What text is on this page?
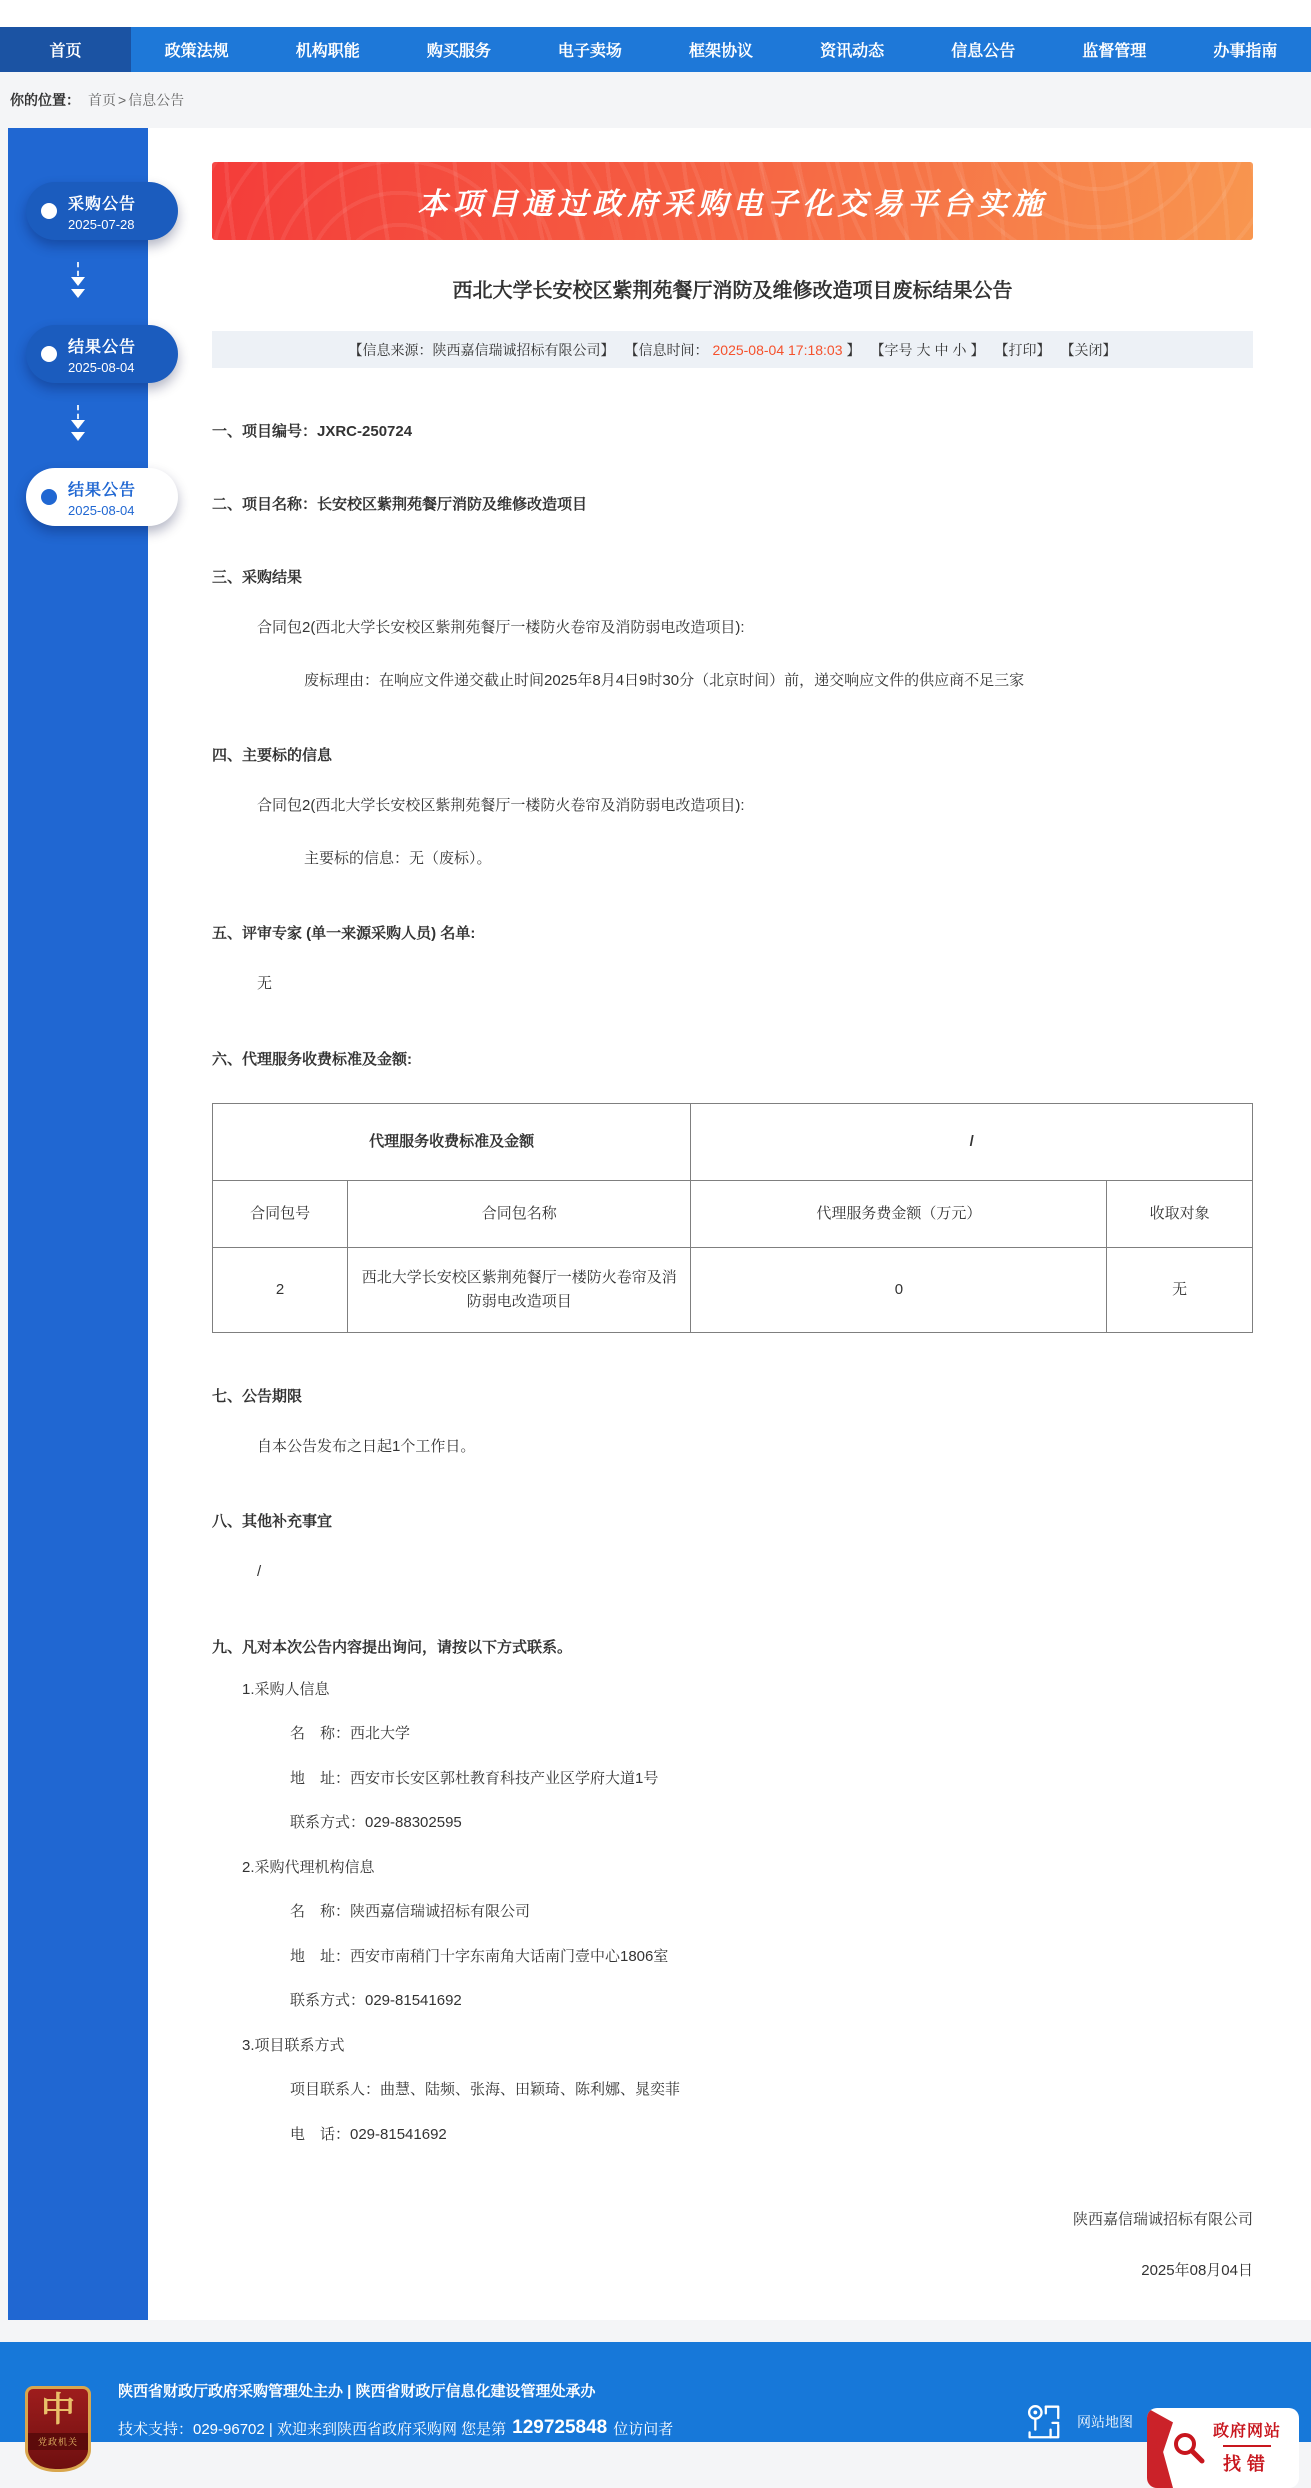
首页	政策法规	机构职能	购买服务	电子卖场	框架协议	资讯动态	信息公告	监督管理	办事指南
你的位置： 首页 > 信息公告
采购公告
2025-07-28
结果公告
2025-08-04
结果公告
2025-08-04
本项目通过政府采购电子化交易平台实施
西北大学长安校区紫荆苑餐厅消防及维修改造项目废标结果公告
【信息来源：陕西嘉信瑞诚招标有限公司】 【信息时间： 2025-08-04 17:18:03 】 【字号 大 中 小 】 【打印】 【关闭】
一、项目编号：JXRC-250724
二、项目名称：长安校区紫荆苑餐厅消防及维修改造项目
三、采购结果
合同包2(西北大学长安校区紫荆苑餐厅一楼防火卷帘及消防弱电改造项目):
废标理由：在响应文件递交截止时间2025年8月4日9时30分（北京时间）前，递交响应文件的供应商不足三家
四、主要标的信息
合同包2(西北大学长安校区紫荆苑餐厅一楼防火卷帘及消防弱电改造项目):
主要标的信息：无（废标）。
五、评审专家 (单一来源采购人员) 名单:
无
六、代理服务收费标准及金额:
代理服务收费标准及金额		/	
合同包号	合同包名称	代理服务费金额（万元）	收取对象
2	西北大学长安校区紫荆苑餐厅一楼防火卷帘及消防弱电改造项目	0	无
七、公告期限
自本公告发布之日起1个工作日。
八、其他补充事宜
/
九、凡对本次公告内容提出询问，请按以下方式联系。
1.采购人信息
名　称：西北大学
地　址：西安市长安区郭杜教育科技产业区学府大道1号
联系方式：029-88302595
2.采购代理机构信息
名　称：陕西嘉信瑞诚招标有限公司
地　址：西安市南稍门十字东南角大话南门壹中心1806室
联系方式：029-81541692
3.项目联系方式
项目联系人：曲慧、陆频、张海、田颖琦、陈利娜、晁奕菲
电　话：029-81541692
陕西嘉信瑞诚招标有限公司
2025年08月04日
中
党政机关
陕西省财政厅政府采购管理处主办 | 陕西省财政厅信息化建设管理处承办
技术支持：029-96702 | 欢迎来到陕西省政府采购网 您是第 129725848 位访问者	网站地图
政府网站
找错
